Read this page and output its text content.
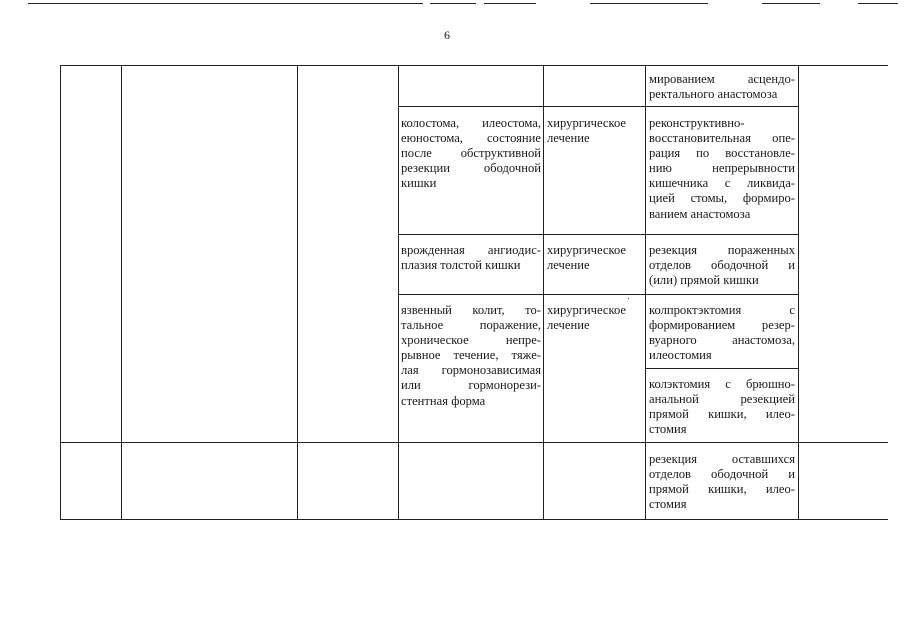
6
мированием асцендо-
ректального анастомоза
колостома, илеостома,
еюностома, состояние
после обструктивной
резекции ободочной
кишки
хирургическое
лечение
реконструктивно-
восстановительная опе-
рация по восстановле-
нию непрерывности
кишечника с ликвида-
цией стомы, формиро-
ванием анастомоза
врожденная ангиодис-
плазия толстой кишки
хирургическое
лечение
резекция пораженных
отделов ободочной и
(или) прямой кишки
язвенный колит, то-
тальное поражение,
хроническое непре-
рывное течение, тяже-
лая гормонозависимая
или гормонорези-
стентная форма
хирургическое
лечение
колпроктэктомия с
формированием резер-
вуарного анастомоза,
илеостомия
колэктомия с брюшно-
анальной резекцией
прямой кишки, илео-
стомия
резекция оставшихся
отделов ободочной и
прямой кишки, илео-
стомия
